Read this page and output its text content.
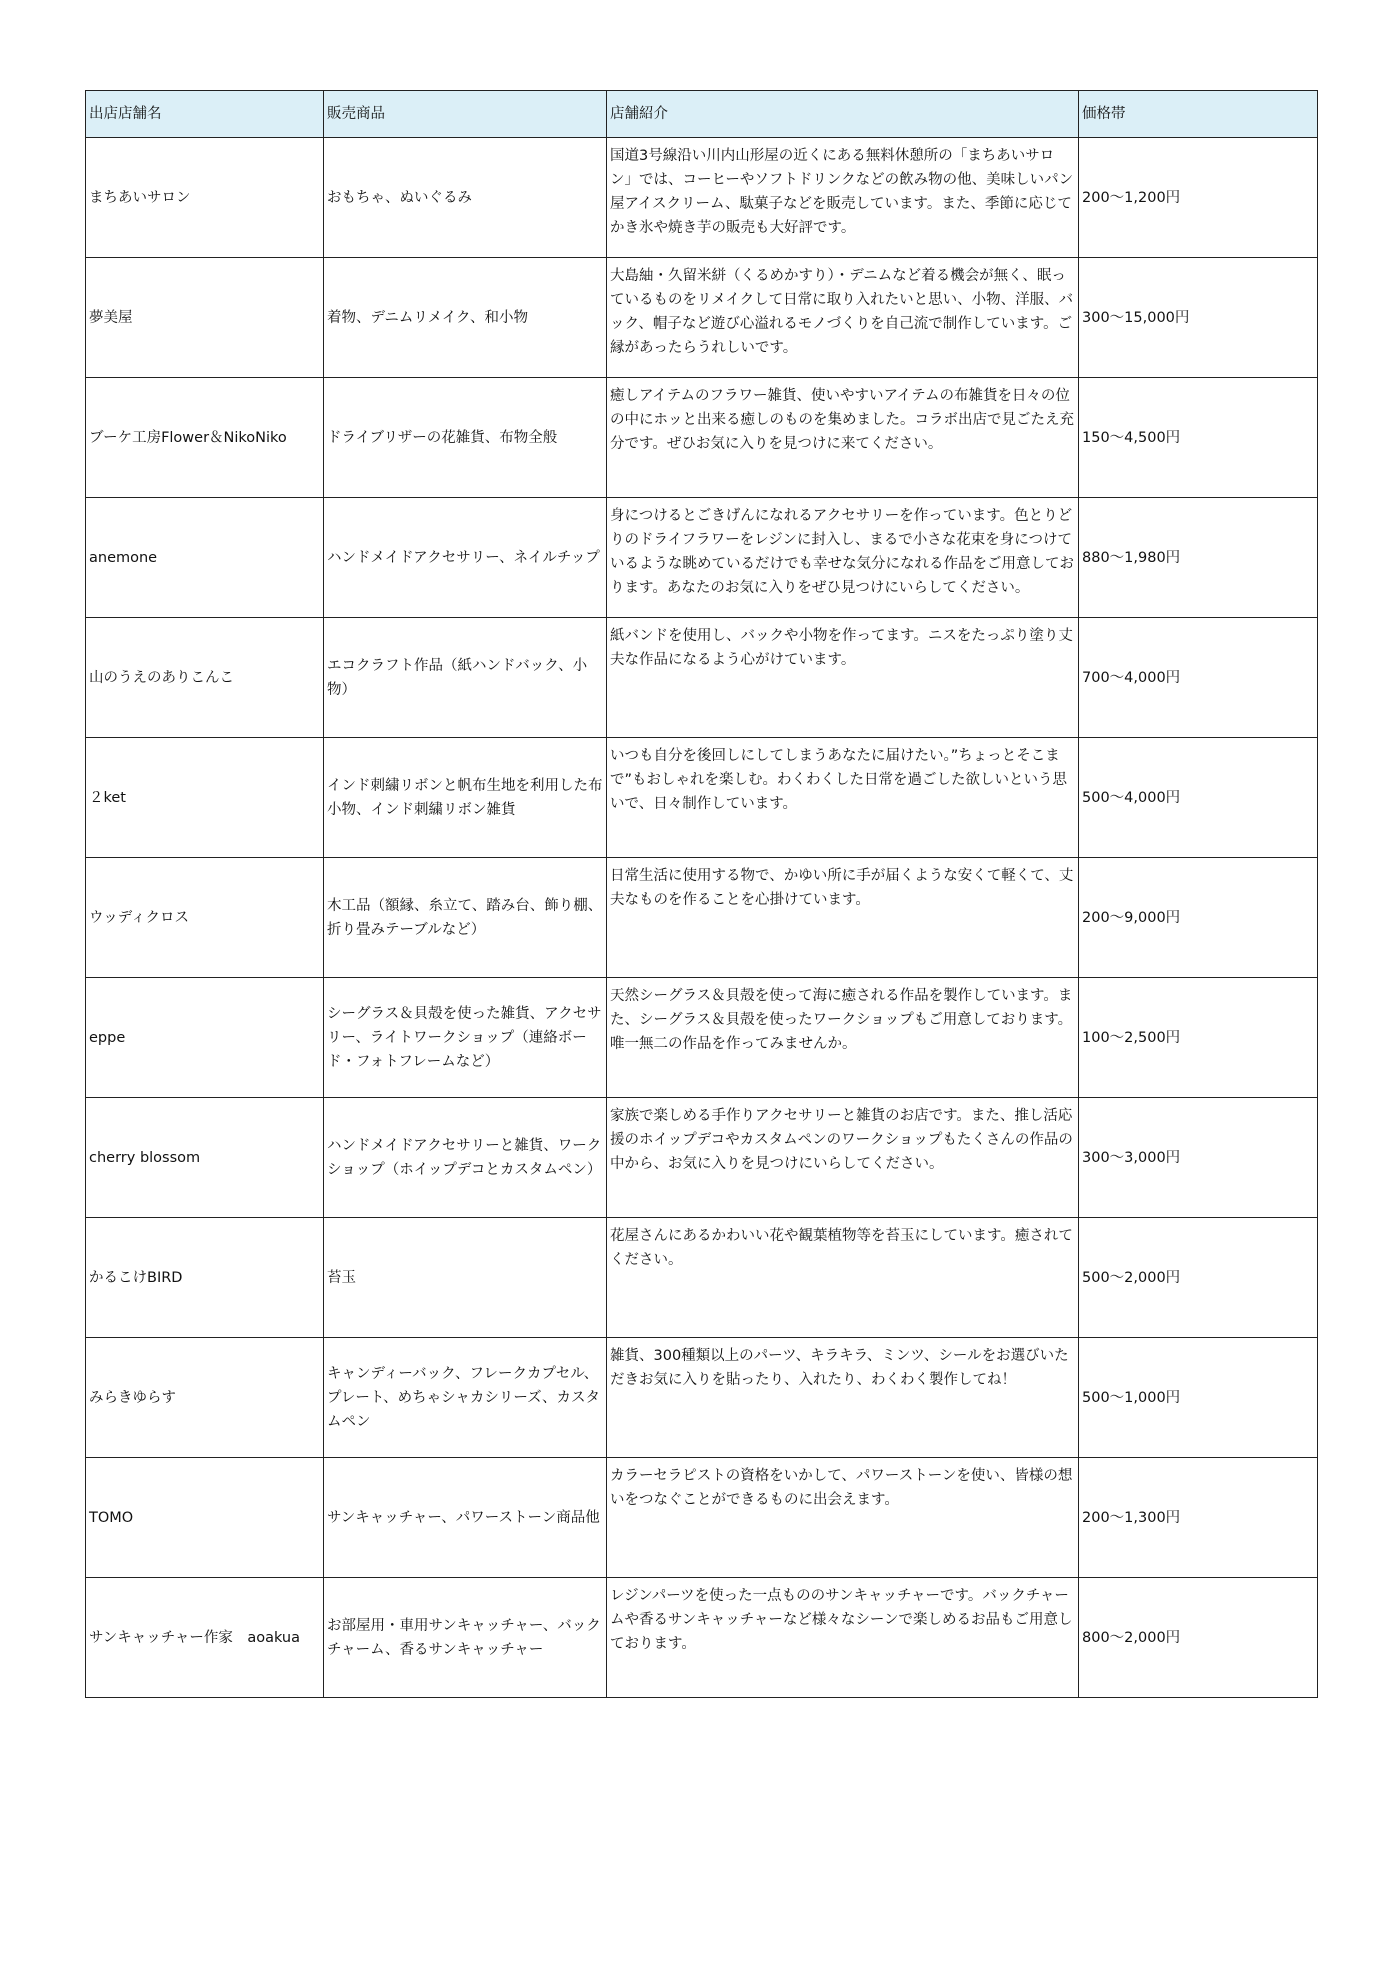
出店店舗名	販売商品	店舗紹介	価格帯
まちあいサロン	おもちゃ、ぬいぐるみ	国道3号線沿い川内山形屋の近くにある無料休憩所の「まちあいサロン」では、コーヒーやソフトドリンクなどの飲み物の他、美味しいパン屋アイスクリーム、駄菓子などを販売しています。また、季節に応じてかき氷や焼き芋の販売も大好評です。	200～1,200円
夢美屋	着物、デニムリメイク、和小物	大島紬・久留米絣（くるめかすり）・デニムなど着る機会が無く、眠っているものをリメイクして日常に取り入れたいと思い、小物、洋服、バック、帽子など遊び心溢れるモノづくりを自己流で制作しています。ご縁があったらうれしいです。	300～15,000円
ブーケ工房Flower＆NikoNiko	ドライブリザーの花雑貨、布物全般	癒しアイテムのフラワー雑貨、使いやすいアイテムの布雑貨を日々の位の中にホッと出来る癒しのものを集めました。コラボ出店で見ごたえ充分です。ぜひお気に入りを見つけに来てください。	150～4,500円
anemone	ハンドメイドアクセサリー、ネイルチップ	身につけるとごきげんになれるアクセサリーを作っています。色とりどりのドライフラワーをレジンに封入し、まるで小さな花束を身につけているような眺めているだけでも幸せな気分になれる作品をご用意しております。あなたのお気に入りをぜひ見つけにいらしてください。	880～1,980円
山のうえのありこんこ	エコクラフト作品（紙ハンドバック、小物）	紙バンドを使用し、バックや小物を作ってます。ニスをたっぷり塗り丈夫な作品になるよう心がけています。	700～4,000円
２ket	インド刺繍リボンと帆布生地を利用した布小物、インド刺繍リボン雑貨	いつも自分を後回しにしてしまうあなたに届けたい。”ちょっとそこまで”もおしゃれを楽しむ。わくわくした日常を過ごした欲しいという思いで、日々制作しています。	500～4,000円
ウッディクロス	木工品（額縁、糸立て、踏み台、飾り棚、折り畳みテーブルなど）	日常生活に使用する物で、かゆい所に手が届くような安くて軽くて、丈夫なものを作ることを心掛けています。	200～9,000円
eppe	シーグラス＆貝殻を使った雑貨、アクセサリー、ライトワークショップ（連絡ボード・フォトフレームなど）	天然シーグラス＆貝殻を使って海に癒される作品を製作しています。また、シーグラス＆貝殻を使ったワークショップもご用意しております。唯一無二の作品を作ってみませんか。	100～2,500円
cherry blossom	ハンドメイドアクセサリーと雑貨、ワークショップ（ホイップデコとカスタムペン）	家族で楽しめる手作りアクセサリーと雑貨のお店です。また、推し活応援のホイップデコやカスタムペンのワークショップもたくさんの作品の中から、お気に入りを見つけにいらしてください。	300～3,000円
かるこけBIRD	苔玉	花屋さんにあるかわいい花や観葉植物等を苔玉にしています。癒されてください。	500～2,000円
みらきゆらす	キャンディーバック、フレークカプセル、プレート、めちゃシャカシリーズ、カスタムペン	雑貨、300種類以上のパーツ、キラキラ、ミンツ、シールをお選びいただきお気に入りを貼ったり、入れたり、わくわく製作してね！	500～1,000円
TOMO	サンキャッチャー、パワーストーン商品他	カラーセラピストの資格をいかして、パワーストーンを使い、皆様の想いをつなぐことができるものに出会えます。	200～1,300円
サンキャッチャー作家　aoakua	お部屋用・車用サンキャッチャー、バックチャーム、香るサンキャッチャー	レジンパーツを使った一点もののサンキャッチャーです。バックチャームや香るサンキャッチャーなど様々なシーンで楽しめるお品もご用意しております。	800～2,000円
